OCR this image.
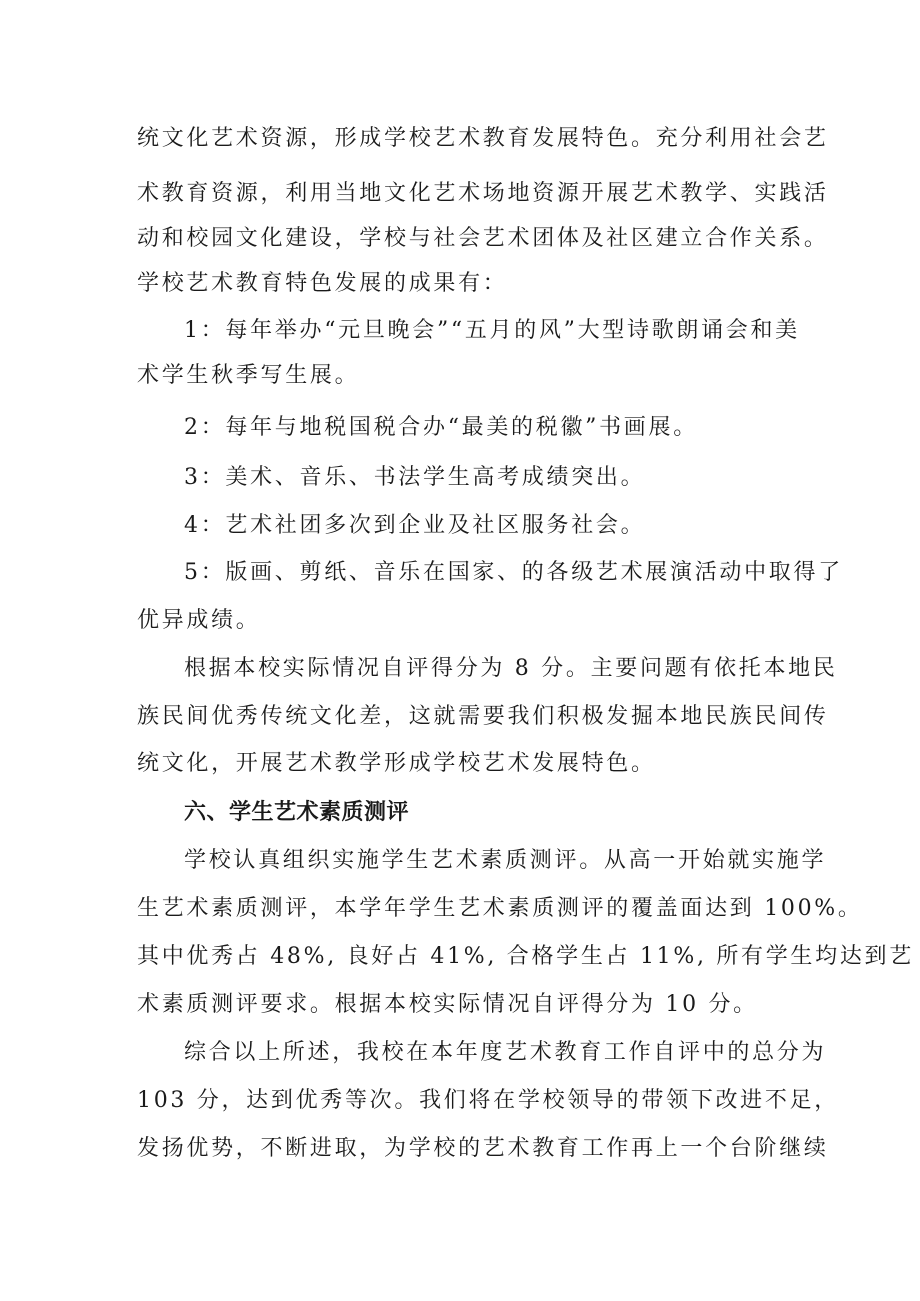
统文化艺术资源，形成学校艺术教育发展特色。充分利用社会艺
术教育资源，利用当地文化艺术场地资源开展艺术教学、实践活
动和校园文化建设，学校与社会艺术团体及社区建立合作关系。
学校艺术教育特色发展的成果有：
1：每年举办“元旦晚会”“五月的风”大型诗歌朗诵会和美
术学生秋季写生展。
2：每年与地税国税合办“最美的税徽”书画展。
3：美术、音乐、书法学生高考成绩突出。
4：艺术社团多次到企业及社区服务社会。
5：版画、剪纸、音乐在国家、的各级艺术展演活动中取得了
优异成绩。
根据本校实际情况自评得分为 8 分。主要问题有依托本地民
族民间优秀传统文化差，这就需要我们积极发掘本地民族民间传
统文化，开展艺术教学形成学校艺术发展特色。
六、学生艺术素质测评
学校认真组织实施学生艺术素质测评。从高一开始就实施学
生艺术素质测评，本学年学生艺术素质测评的覆盖面达到 100%。
其中优秀占 48%, 良好占 41%, 合格学生占 11%, 所有学生均达到艺
术素质测评要求。根据本校实际情况自评得分为 10 分。
综合以上所述，我校在本年度艺术教育工作自评中的总分为
103 分，达到优秀等次。我们将在学校领导的带领下改进不足，
发扬优势，不断进取，为学校的艺术教育工作再上一个台阶继续
